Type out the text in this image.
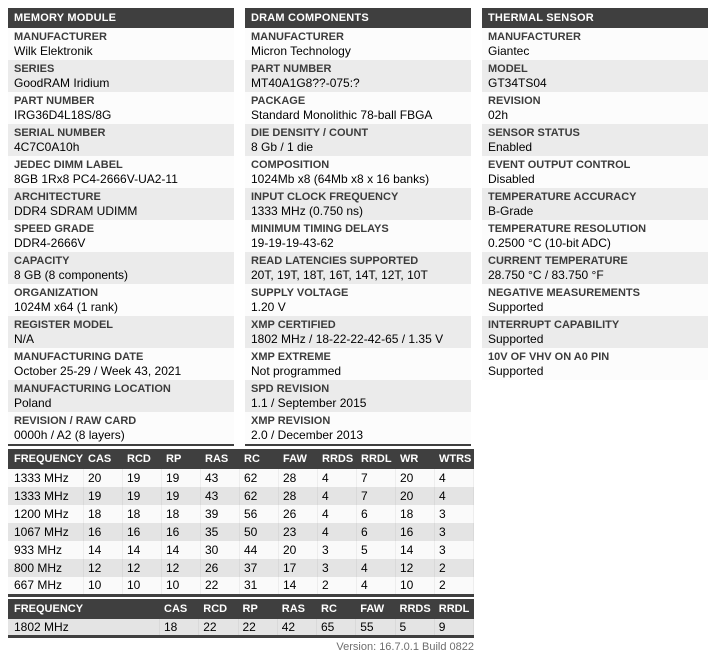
MEMORY MODULE
MANUFACTURER
Wilk Elektronik
SERIES
GoodRAM Iridium
PART NUMBER
IRG36D4L18S/8G
SERIAL NUMBER
4C7C0A10h
JEDEC DIMM LABEL
8GB 1Rx8 PC4-2666V-UA2-11
ARCHITECTURE
DDR4 SDRAM UDIMM
SPEED GRADE
DDR4-2666V
CAPACITY
8 GB (8 components)
ORGANIZATION
1024M x64 (1 rank)
REGISTER MODEL
N/A
MANUFACTURING DATE
October 25-29 / Week 43, 2021
MANUFACTURING LOCATION
Poland
REVISION / RAW CARD
0000h / A2 (8 layers)
DRAM COMPONENTS
MANUFACTURER
Micron Technology
PART NUMBER
MT40A1G8??-075:?
PACKAGE
Standard Monolithic 78-ball FBGA
DIE DENSITY / COUNT
8 Gb / 1 die
COMPOSITION
1024Mb x8 (64Mb x8 x 16 banks)
INPUT CLOCK FREQUENCY
1333 MHz (0.750 ns)
MINIMUM TIMING DELAYS
19-19-19-43-62
READ LATENCIES SUPPORTED
20T, 19T, 18T, 16T, 14T, 12T, 10T
SUPPLY VOLTAGE
1.20 V
XMP CERTIFIED
1802 MHz / 18-22-22-42-65 / 1.35 V
XMP EXTREME
Not programmed
SPD REVISION
1.1 / September 2015
XMP REVISION
2.0 / December 2013
THERMAL SENSOR
MANUFACTURER
Giantec
MODEL
GT34TS04
REVISION
02h
SENSOR STATUS
Enabled
EVENT OUTPUT CONTROL
Disabled
TEMPERATURE ACCURACY
B-Grade
TEMPERATURE RESOLUTION
0.2500 °C (10-bit ADC)
CURRENT TEMPERATURE
28.750 °C / 83.750 °F
NEGATIVE MEASUREMENTS
Supported
INTERRUPT CAPABILITY
Supported
10V OF VHV ON A0 PIN
Supported
FREQUENCY	CAS	RCD	RP	RAS	RC	FAW	RRDS	RRDL	WR	WTRS
1333 MHz	20	19	19	43	62	28	4	7	20	4
1333 MHz	19	19	19	43	62	28	4	7	20	4
1200 MHz	18	18	18	39	56	26	4	6	18	3
1067 MHz	16	16	16	35	50	23	4	6	16	3
933 MHz	14	14	14	30	44	20	3	5	14	3
800 MHz	12	12	12	26	37	17	3	4	12	2
667 MHz	10	10	10	22	31	14	2	4	10	2
FREQUENCY	CAS	RCD	RP	RAS	RC	FAW	RRDS	RRDL
1802 MHz	18	22	22	42	65	55	5	9
Version: 16.7.0.1 Build 0822
